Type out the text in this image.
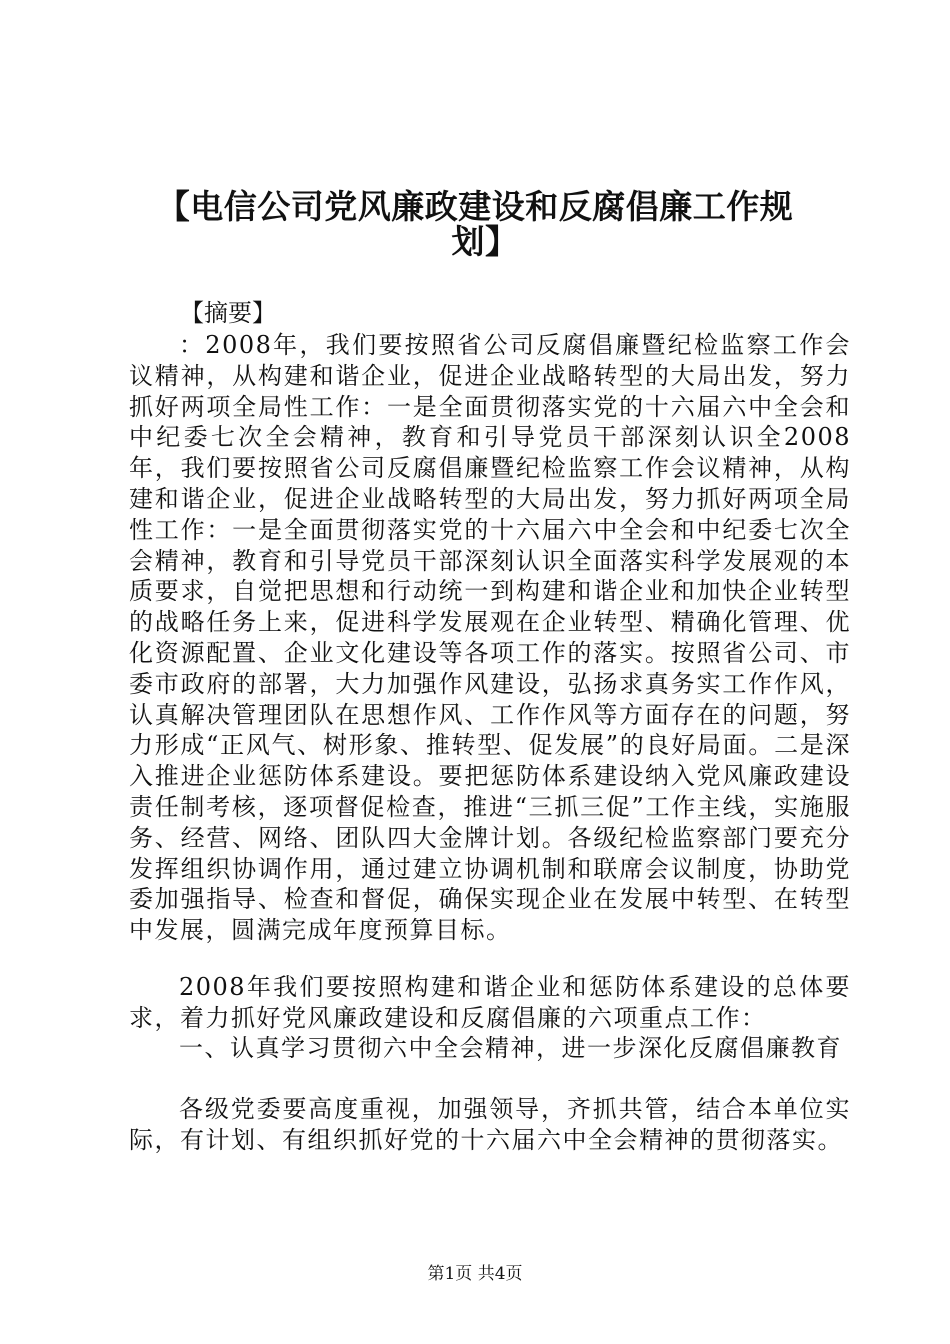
【电信公司党风廉政建设和反腐倡廉工作规
划】
【摘要】

：2008年，我们要按照省公司反腐倡廉暨纪检监察工作会议精神，从构建和谐企业，促进企业战略转型的大局出发，努力抓好两项全局性工作：一是全面贯彻落实党的十六届六中全会和中纪委七次全会精神，教育和引导党员干部深刻认识全2008年，我们要按照省公司反腐倡廉暨纪检监察工作会议精神，从构建和谐企业，促进企业战略转型的大局出发，努力抓好两项全局性工作：一是全面贯彻落实党的十六届六中全会和中纪委七次全会精神，教育和引导党员干部深刻认识全面落实科学发展观的本质要求，自觉把思想和行动统一到构建和谐企业和加快企业转型的战略任务上来，促进科学发展观在企业转型、精确化管理、优化资源配置、企业文化建设等各项工作的落实。按照省公司、市委市政府的部署，大力加强作风建设，弘扬求真务实工作作风，认真解决管理团队在思想作风、工作作风等方面存在的问题，努力形成“正风气、树形象、推转型、促发展”的良好局面。二是深入推进企业惩防体系建设。要把惩防体系建设纳入党风廉政建设责任制考核，逐项督促检查，推进“三抓三促”工作主线，实施服务、经营、网络、团队四大金牌计划。各级纪检监察部门要充分发挥组织协调作用，通过建立协调机制和联席会议制度，协助党委加强指导、检查和督促，确保实现企业在发展中转型、在转型中发展，圆满完成年度预算目标。

2008年我们要按照构建和谐企业和惩防体系建设的总体要求，着力抓好党风廉政建设和反腐倡廉的六项重点工作：

一、认真学习贯彻六中全会精神，进一步深化反腐倡廉教育

各级党委要高度重视，加强领导，齐抓共管，结合本单位实际，有计划、有组织抓好党的十六届六中全会精神的贯彻落实。

第1页 共4页
